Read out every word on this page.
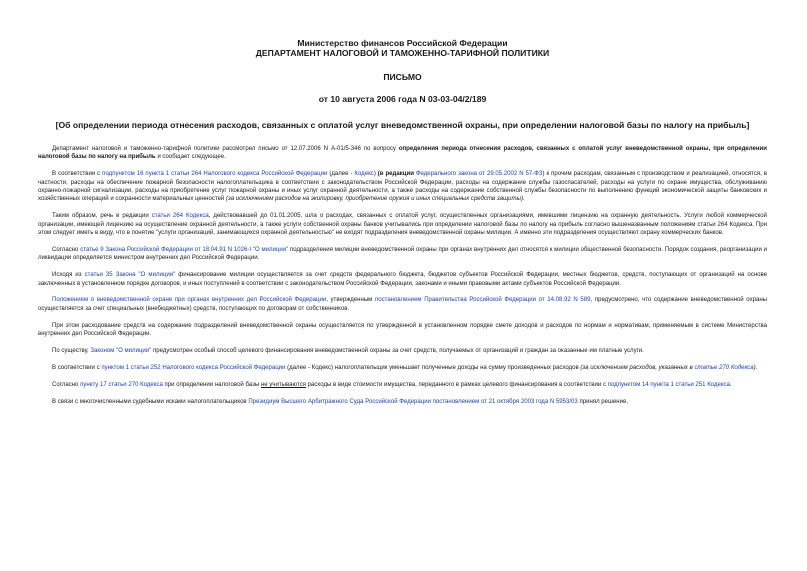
Министерство финансов Российской Федерации
ДЕПАРТАМЕНТ НАЛОГОВОЙ И ТАМОЖЕННО-ТАРИФНОЙ ПОЛИТИКИ
ПИСЬМО
от 10 августа 2006 года N 03-03-04/2/189
[Об определении периода отнесения расходов, связанных с оплатой услуг вневедомственной охраны, при определении налоговой базы по налогу на прибыль]

Департамент налоговой и таможенно-тарифной политики рассмотрел письмо от 12.07.2006 N А-01/5-346 по вопросу определения периода отнесения расходов, связанных с оплатой услуг вневедомственной охраны, при определении налоговой базы по налогу на прибыль и сообщает следующее.

В соответствии с подпунктом 16 пункта 1 статьи 264 Налогового кодекса Российской Федерации (далее - Кодекс) (в редакции Федерального закона от 29.05.2002 N 57-ФЗ) к прочим расходам, связанным с производством и реализацией, относятся, в частности, расходы на обеспечение пожарной безопасности налогоплательщика в соответствии с законодательством Российской Федерации, расходы на содержание службы газоспасателей, расходы на услуги по охране имущества, обслуживанию охранно-пожарной сигнализации, расходы на приобретение услуг пожарной охраны и иных услуг охранной деятельности, а также расходы на содержание собственной службы безопасности по выполнению функций экономической защиты банковских и хозяйственных операций и сохранности материальных ценностей (за исключением расходов на экипировку, приобретение оружия и иных специальных средств защиты).

Таким образом, речь в редакции статьи 264 Кодекса, действовавшей до 01.01.2005, шла о расходах, связанных с оплатой услуг, осуществленных организациями, имевшими лицензию на охранную деятельность. Услуги любой коммерческой организации, имеющей лицензию на осуществление охранной деятельности, а также услуги собственной охраны банков учитывались при определении налоговой базы по налогу на прибыль согласно вышеназванным положениям статьи 264 Кодекса. При этом следует иметь в виду, что в понятие "услуги организаций, занимающихся охранной деятельностью" не входят подразделения вневедомственной охраны милиции. А именно эти подразделения осуществляют охрану коммерческих банков.

Согласно статье 9 Закона Российской Федерации от 18.04.91 N 1026-I "О милиции" подразделения милиции вневедомственной охраны при органах внутренних дел относятся к милиции общественной безопасности. Порядок создания, реорганизации и ликвидации определяется министром внутренних дел Российской Федерации.

Исходя из статьи 35 Закона "О милиции" финансирование милиции осуществляется за счет средств федерального бюджета, бюджетов субъектов Российской Федерации, местных бюджетов, средств, поступающих от организаций на основе заключенных в установленном порядке договоров, и иных поступлений в соответствии с законодательством Российской Федерации, законами и иными правовыми актами субъектов Российской Федерации.

Положением о вневедомственной охране при органах внутренних дел Российской Федерации, утвержденным постановлением Правительства Российской Федерации от 14.08.92 N 589, предусмотрено, что содержание вневедомственной охраны осуществляется за счет специальных (внебюджетных) средств, поступающих по договорам от собственников.

При этом расходование средств на содержание подразделений вневедомственной охраны осуществляется по утвержденной в установленном порядке смете доходов и расходов по нормам и нормативам, применяемым в системе Министерства внутренних дел Российской Федерации.

По существу, Законом "О милиции" предусмотрен особый способ целевого финансирования вневедомственной охраны за счет средств, получаемых от организаций и граждан за оказанные им платные услуги.

В соответствии с пунктом 1 статьи 252 Налогового кодекса Российской Федерации (далее - Кодекс) налогоплательщик уменьшает полученные доходы на сумму произведенных расходов (за исключением расходов, указанных в статье 270 Кодекса).

Согласно пункту 17 статьи 270 Кодекса при определении налоговой базы не учитываются расходы в виде стоимости имущества, переданного в рамках целевого финансирования в соответствии с подпунктом 14 пункта 1 статьи 251 Кодекса.

В связи с многочисленными судебными исками налогоплательщиков Президиум Высшего Арбитражного Суда Российской Федерации постановлением от 21 октября 2003 года N 5953/03 принял решение,
